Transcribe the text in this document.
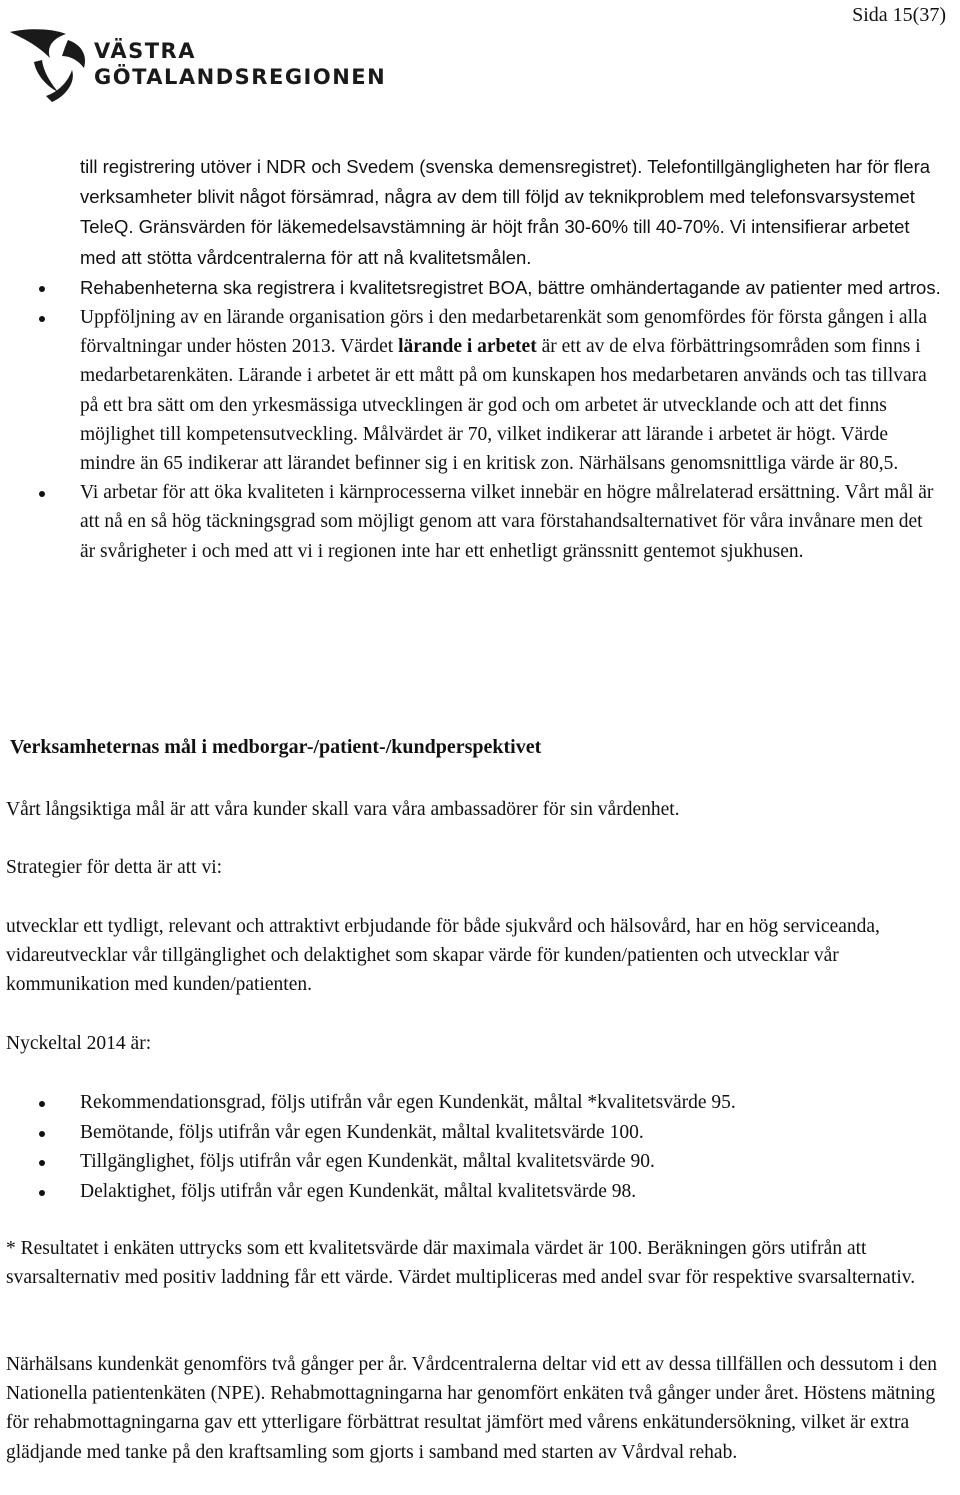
Sida 15(37)
VÄSTRA
GÖTALANDSREGIONEN
till registrering utöver i NDR och Svedem (svenska demensregistret). Telefontillgängligheten har för flera verksamheter blivit något försämrad, några av dem till följd av teknikproblem med telefonsvarsystemet TeleQ. Gränsvärden för läkemedelsavstämning är höjt från 30-60% till 40-70%. Vi intensifierar arbetet med att stötta vårdcentralerna för att nå kvalitetsmålen.
Rehabenheterna ska registrera i kvalitetsregistret BOA, bättre omhändertagande av patienter med artros.
Uppföljning av en lärande organisation görs i den medarbetarenkät som genomfördes för första gången i alla förvaltningar under hösten 2013. Värdet lärande i arbetet är ett av de elva förbättringsområden som finns i medarbetarenkäten. Lärande i arbetet är ett mått på om kunskapen hos medarbetaren används och tas tillvara på ett bra sätt om den yrkesmässiga utvecklingen är god och om arbetet är utvecklande och att det finns möjlighet till kompetensutveckling. Målvärdet är 70, vilket indikerar att lärande i arbetet är högt. Värde mindre än 65 indikerar att lärandet befinner sig i en kritisk zon. Närhälsans genomsnittliga värde är 80,5.
Vi arbetar för att öka kvaliteten i kärnprocesserna vilket innebär en högre målrelaterad ersättning. Vårt mål är att nå en så hög täckningsgrad som möjligt genom att vara förstahandsalternativet för våra invånare men det är svårigheter i och med att vi i regionen inte har ett enhetligt gränssnitt gentemot sjukhusen.
Verksamheternas mål i medborgar-/patient-/kundperspektivet

Vårt långsiktiga mål är att våra kunder skall vara våra ambassadörer för sin vårdenhet.

Strategier för detta är att vi:

utvecklar ett tydligt, relevant och attraktivt erbjudande för både sjukvård och hälsovård, har en hög serviceanda, vidareutvecklar vår tillgänglighet och delaktighet som skapar värde för kunden/patienten och utvecklar vår kommunikation med kunden/patienten.

Nyckeltal 2014 är:

Rekommendationsgrad, följs utifrån vår egen Kundenkät, måltal *kvalitetsvärde 95.
Bemötande, följs utifrån vår egen Kundenkät, måltal kvalitetsvärde 100.
Tillgänglighet, följs utifrån vår egen Kundenkät, måltal kvalitetsvärde 90.
Delaktighet, följs utifrån vår egen Kundenkät, måltal kvalitetsvärde 98.

* Resultatet i enkäten uttrycks som ett kvalitetsvärde där maximala värdet är 100. Beräkningen görs utifrån att svarsalternativ med positiv laddning får ett värde. Värdet multipliceras med andel svar för respektive svarsalternativ.

Närhälsans kundenkät genomförs två gånger per år. Vårdcentralerna deltar vid ett av dessa tillfällen och dessutom i den Nationella patientenkäten (NPE). Rehabmottagningarna har genomfört enkäten två gånger under året. Höstens mätning för rehabmottagningarna gav ett ytterligare förbättrat resultat jämfört med vårens enkätundersökning, vilket är extra glädjande med tanke på den kraftsamling som gjorts i samband med starten av Vårdval rehab.
